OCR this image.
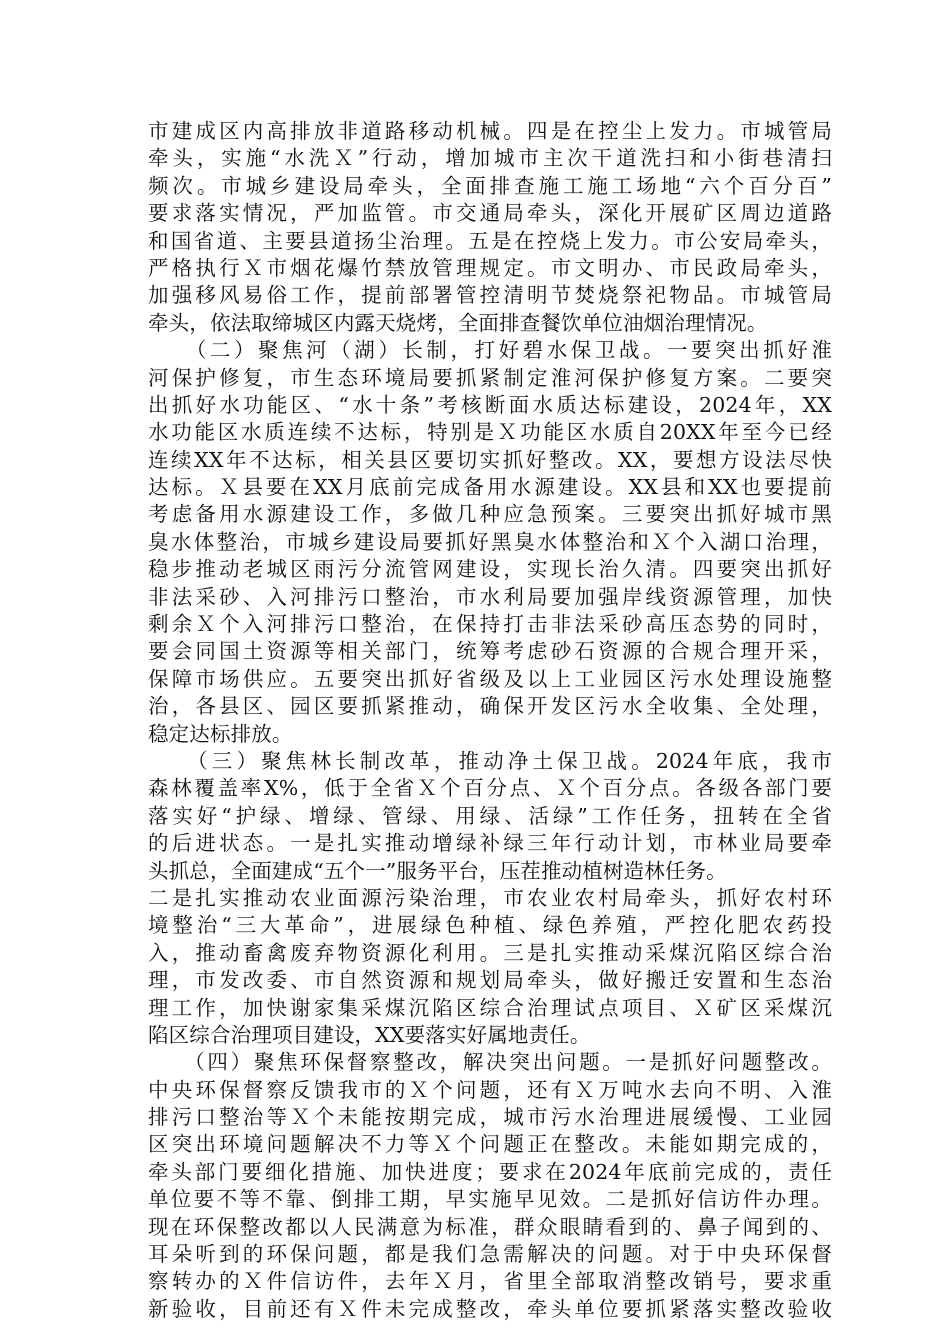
市建成区内高排放非道路移动机械。四是在控尘上发力。市城管局
牵头，实施“水洗Ｘ”行动，增加城市主次干道洗扫和小街巷清扫
频次。市城乡建设局牵头，全面排查施工施工场地“六个百分百”
要求落实情况，严加监管。市交通局牵头，深化开展矿区周边道路
和国省道、主要县道扬尘治理。五是在控烧上发力。市公安局牵头，
严格执行Ｘ市烟花爆竹禁放管理规定。市文明办、市民政局牵头，
加强移风易俗工作，提前部署管控清明节焚烧祭祀物品。市城管局
牵头，依法取缔城区内露天烧烤，全面排查餐饮单位油烟治理情况。
　　（二）聚焦河（湖）长制，打好碧水保卫战。一要突出抓好淮
河保护修复，市生态环境局要抓紧制定淮河保护修复方案。二要突
出抓好水功能区、“水十条”考核断面水质达标建设，2024年，XX
水功能区水质连续不达标，特别是Ｘ功能区水质自20XX年至今已经
连续XX年不达标，相关县区要切实抓好整改。XX，要想方设法尽快
达标。Ｘ县要在XX月底前完成备用水源建设。XX县和XX也要提前
考虑备用水源建设工作，多做几种应急预案。三要突出抓好城市黑
臭水体整治，市城乡建设局要抓好黑臭水体整治和Ｘ个入湖口治理，
稳步推动老城区雨污分流管网建设，实现长治久清。四要突出抓好
非法采砂、入河排污口整治，市水利局要加强岸线资源管理，加快
剩余Ｘ个入河排污口整治，在保持打击非法采砂高压态势的同时，
要会同国土资源等相关部门，统筹考虑砂石资源的合规合理开采，
保障市场供应。五要突出抓好省级及以上工业园区污水处理设施整
治，各县区、园区要抓紧推动，确保开发区污水全收集、全处理，
稳定达标排放。
　　（三）聚焦林长制改革，推动净土保卫战。2024年底，我市
森林覆盖率X%，低于全省Ｘ个百分点、Ｘ个百分点。各级各部门要
落实好“护绿、增绿、管绿、用绿、活绿”工作任务，扭转在全省
的后进状态。一是扎实推动增绿补绿三年行动计划，市林业局要牵
头抓总，全面建成“五个一”服务平台，压茬推动植树造林任务。
二是扎实推动农业面源污染治理，市农业农村局牵头，抓好农村环
境整治“三大革命”，进展绿色种植、绿色养殖，严控化肥农药投
入，推动畜禽废弃物资源化利用。三是扎实推动采煤沉陷区综合治
理，市发改委、市自然资源和规划局牵头，做好搬迁安置和生态治
理工作，加快谢家集采煤沉陷区综合治理试点项目、Ｘ矿区采煤沉
陷区综合治理项目建设，XX要落实好属地责任。
　　（四）聚焦环保督察整改，解决突出问题。一是抓好问题整改。
中央环保督察反馈我市的Ｘ个问题，还有Ｘ万吨水去向不明、入淮
排污口整治等Ｘ个未能按期完成，城市污水治理进展缓慢、工业园
区突出环境问题解决不力等Ｘ个问题正在整改。未能如期完成的，
牵头部门要细化措施、加快进度；要求在2024年底前完成的，责任
单位要不等不靠、倒排工期，早实施早见效。二是抓好信访件办理。
现在环保整改都以人民满意为标准，群众眼睛看到的、鼻子闻到的、
耳朵听到的环保问题，都是我们急需解决的问题。对于中央环保督
察转办的Ｘ件信访件，去年Ｘ月，省里全部取消整改销号，要求重
新验收，目前还有Ｘ件未完成整改，牵头单位要抓紧落实整改验收
